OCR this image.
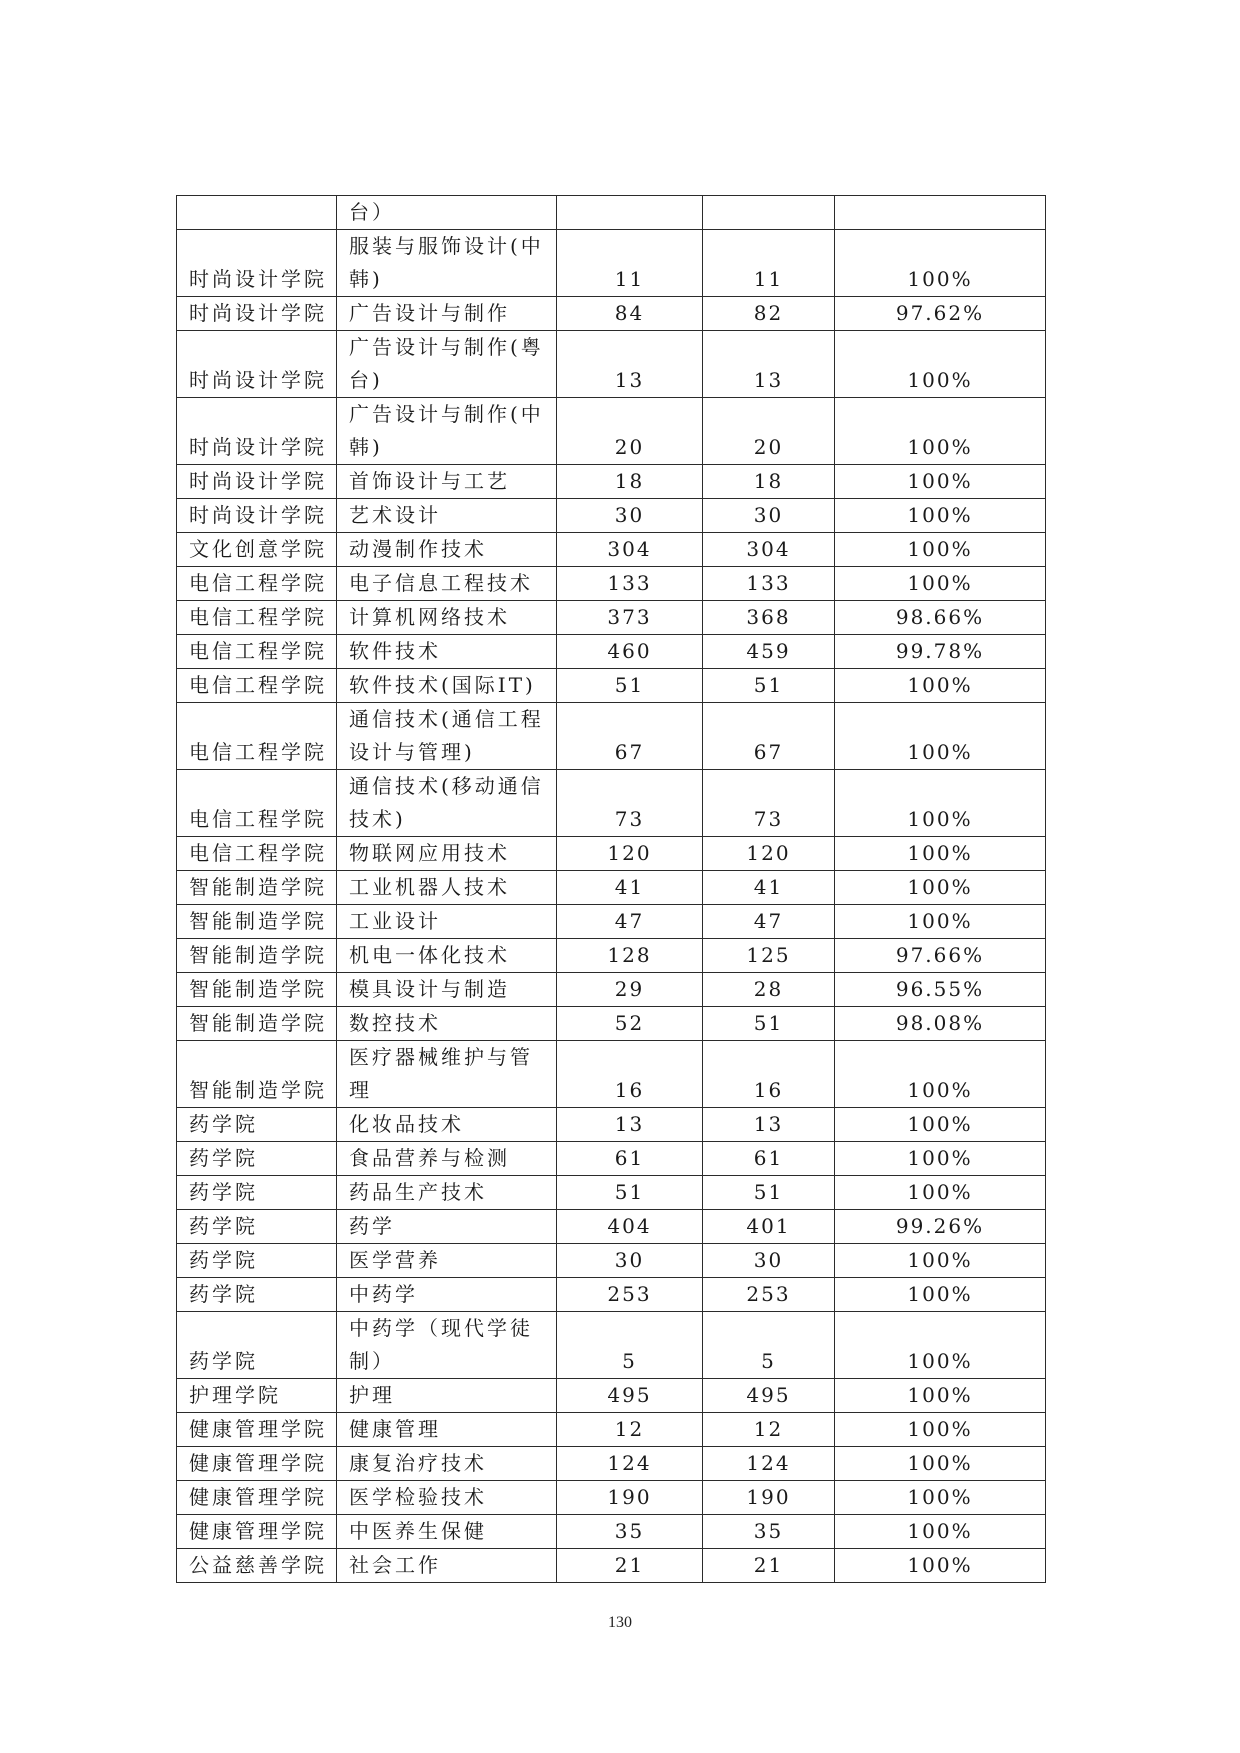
	台）			
时尚设计学院	服装与服饰设计(中韩)	11	11	100%
时尚设计学院	广告设计与制作	84	82	97.62%
时尚设计学院	广告设计与制作(粤台)	13	13	100%
时尚设计学院	广告设计与制作(中韩)	20	20	100%
时尚设计学院	首饰设计与工艺	18	18	100%
时尚设计学院	艺术设计	30	30	100%
文化创意学院	动漫制作技术	304	304	100%
电信工程学院	电子信息工程技术	133	133	100%
电信工程学院	计算机网络技术	373	368	98.66%
电信工程学院	软件技术	460	459	99.78%
电信工程学院	软件技术(国际IT)	51	51	100%
电信工程学院	通信技术(通信工程设计与管理)	67	67	100%
电信工程学院	通信技术(移动通信技术)	73	73	100%
电信工程学院	物联网应用技术	120	120	100%
智能制造学院	工业机器人技术	41	41	100%
智能制造学院	工业设计	47	47	100%
智能制造学院	机电一体化技术	128	125	97.66%
智能制造学院	模具设计与制造	29	28	96.55%
智能制造学院	数控技术	52	51	98.08%
智能制造学院	医疗器械维护与管理	16	16	100%
药学院	化妆品技术	13	13	100%
药学院	食品营养与检测	61	61	100%
药学院	药品生产技术	51	51	100%
药学院	药学	404	401	99.26%
药学院	医学营养	30	30	100%
药学院	中药学	253	253	100%
药学院	中药学（现代学徒制）	5	5	100%
护理学院	护理	495	495	100%
健康管理学院	健康管理	12	12	100%
健康管理学院	康复治疗技术	124	124	100%
健康管理学院	医学检验技术	190	190	100%
健康管理学院	中医养生保健	35	35	100%
公益慈善学院	社会工作	21	21	100%
130
